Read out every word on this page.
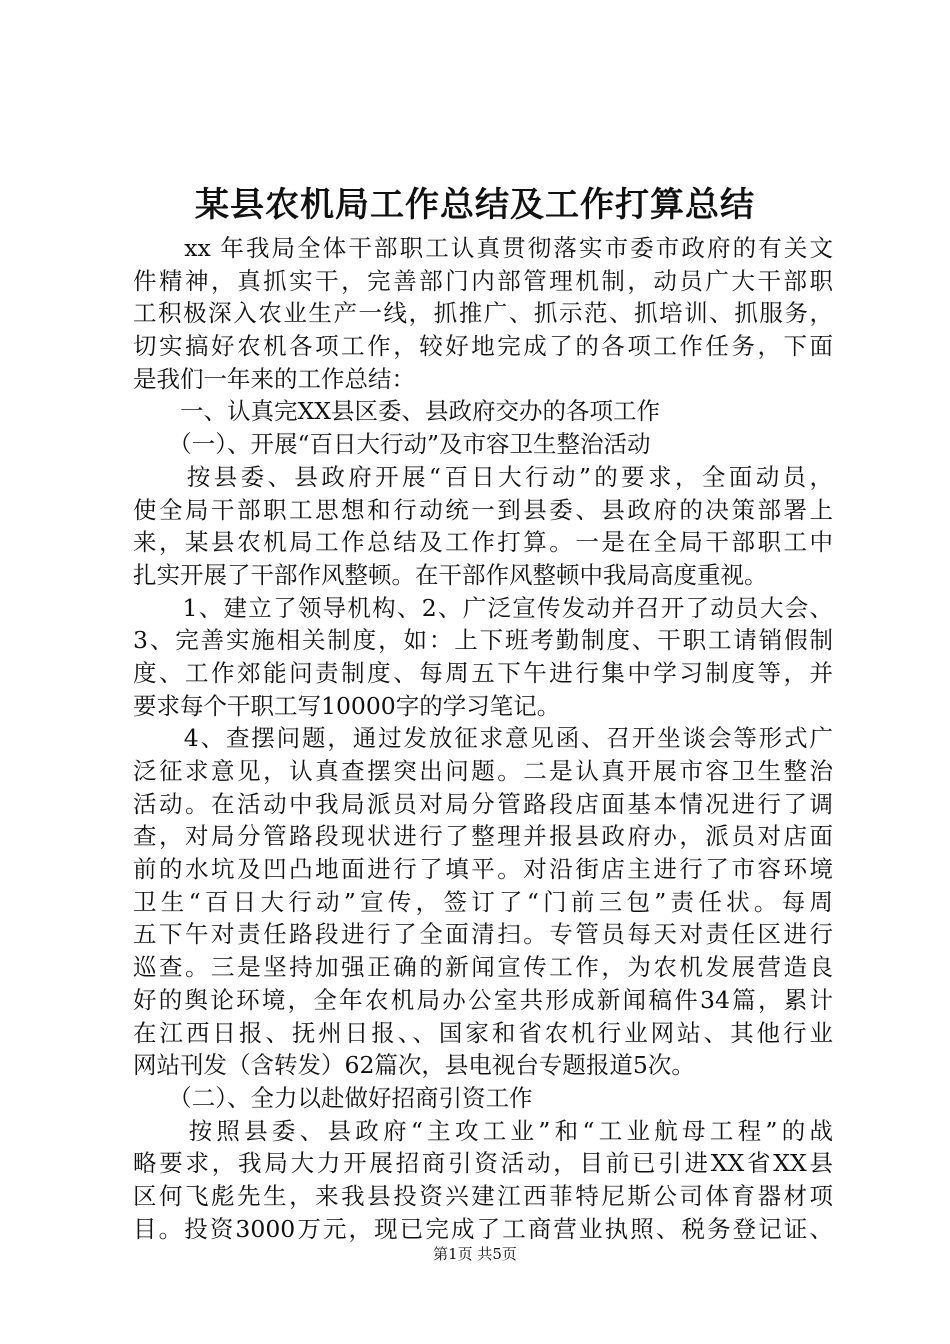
某县农机局工作总结及工作打算总结
　　xx 年我局全体干部职工认真贯彻落实市委市政府的有关文
件精神，真抓实干，完善部门内部管理机制，动员广大干部职
工积极深入农业生产一线，抓推广、抓示范、抓培训、抓服务，
切实搞好农机各项工作，较好地完成了的各项工作任务，下面
是我们一年来的工作总结：
　　一、认真完XX县区委、县政府交办的各项工作
　　（一）、开展“百日大行动”及市容卫生整治活动
　　按县委、县政府开展“百日大行动”的要求，全面动员，
使全局干部职工思想和行动统一到县委、县政府的决策部署上
来，某县农机局工作总结及工作打算。一是在全局干部职工中
扎实开展了干部作风整顿。在干部作风整顿中我局高度重视。
　　1、建立了领导机构、2、广泛宣传发动并召开了动员大会、
3、完善实施相关制度，如：上下班考勤制度、干职工请销假制
度、工作郊能问责制度、每周五下午进行集中学习制度等，并
要求每个干职工写10000字的学习笔记。
　　4、查摆问题，通过发放征求意见函、召开坐谈会等形式广
泛征求意见，认真查摆突出问题。二是认真开展市容卫生整治
活动。在活动中我局派员对局分管路段店面基本情况进行了调
查，对局分管路段现状进行了整理并报县政府办，派员对店面
前的水坑及凹凸地面进行了填平。对沿街店主进行了市容环境
卫生“百日大行动”宣传，签订了“门前三包”责任状。每周
五下午对责任路段进行了全面清扫。专管员每天对责任区进行
巡查。三是坚持加强正确的新闻宣传工作，为农机发展营造良
好的舆论环境，全年农机局办公室共形成新闻稿件34篇，累计
在江西日报、抚州日报、、国家和省农机行业网站、其他行业
网站刊发（含转发）62篇次，县电视台专题报道5次。
　　（二）、全力以赴做好招商引资工作
　　按照县委、县政府“主攻工业”和“工业航母工程”的战
略要求，我局大力开展招商引资活动，目前已引进XX省XX县
区何飞彪先生，来我县投资兴建江西菲特尼斯公司体育器材项
目。投资3000万元，现已完成了工商营业执照、税务登记证、
第1页 共5页
